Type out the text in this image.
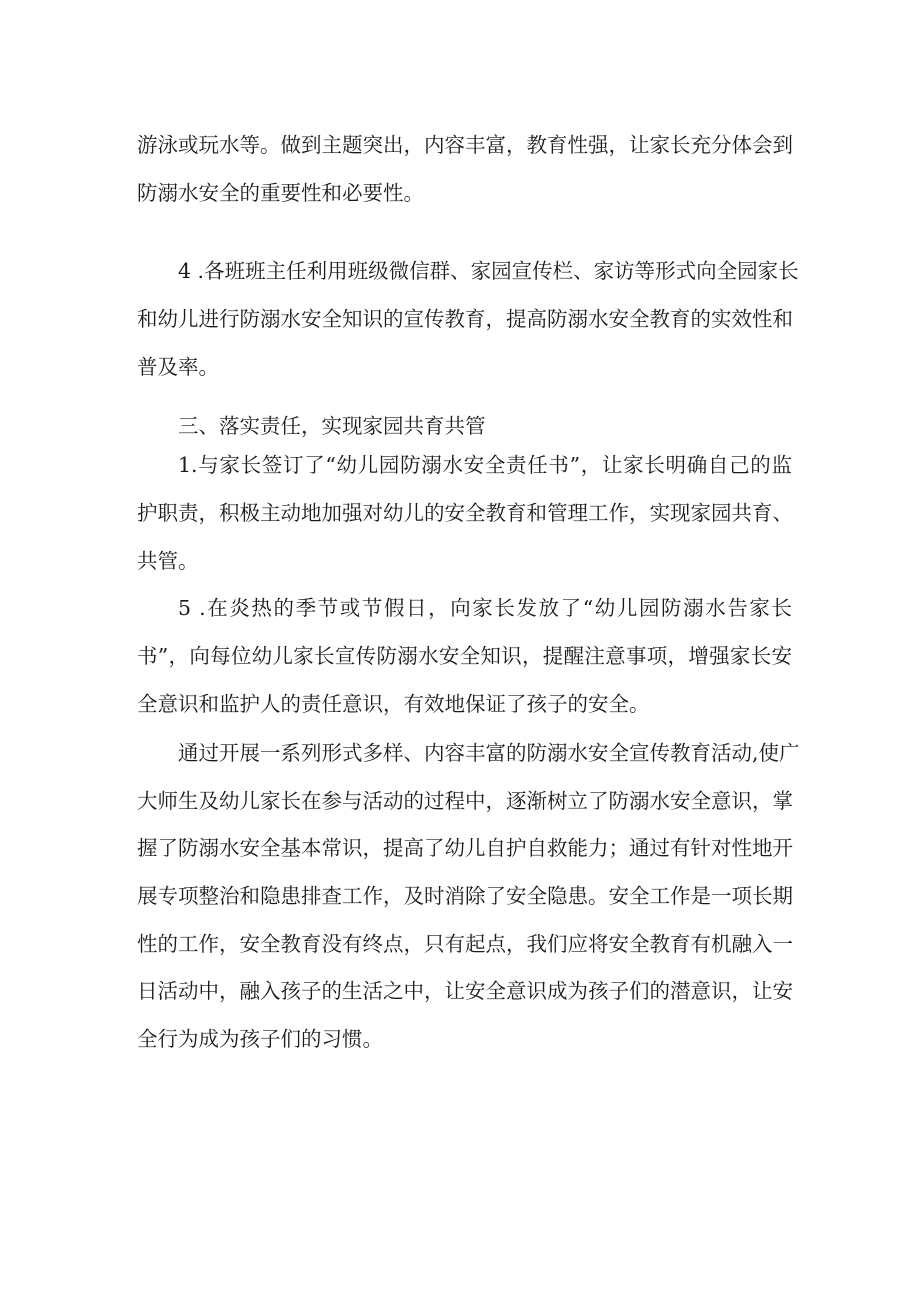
游泳或玩水等。做到主题突出，内容丰富，教育性强，让家长充分体会到
防溺水安全的重要性和必要性。
4 .各班班主任利用班级微信群、家园宣传栏、家访等形式向全园家长
和幼儿进行防溺水安全知识的宣传教育，提高防溺水安全教育的实效性和
普及率。
三、落实责任，实现家园共育共管
1.与家长签订了“幼儿园防溺水安全责任书”，让家长明确自己的监
护职责，积极主动地加强对幼儿的安全教育和管理工作，实现家园共育、
共管。
5 .在炎热的季节或节假日，向家长发放了“幼儿园防溺水告家长
书”，向每位幼儿家长宣传防溺水安全知识，提醒注意事项，增强家长安
全意识和监护人的责任意识，有效地保证了孩子的安全。
通过开展一系列形式多样、内容丰富的防溺水安全宣传教育活动,使广
大师生及幼儿家长在参与活动的过程中，逐渐树立了防溺水安全意识，掌
握了防溺水安全基本常识，提高了幼儿自护自救能力；通过有针对性地开
展专项整治和隐患排查工作，及时消除了安全隐患。安全工作是一项长期
性的工作，安全教育没有终点，只有起点，我们应将安全教育有机融入一
日活动中，融入孩子的生活之中，让安全意识成为孩子们的潜意识，让安
全行为成为孩子们的习惯。
